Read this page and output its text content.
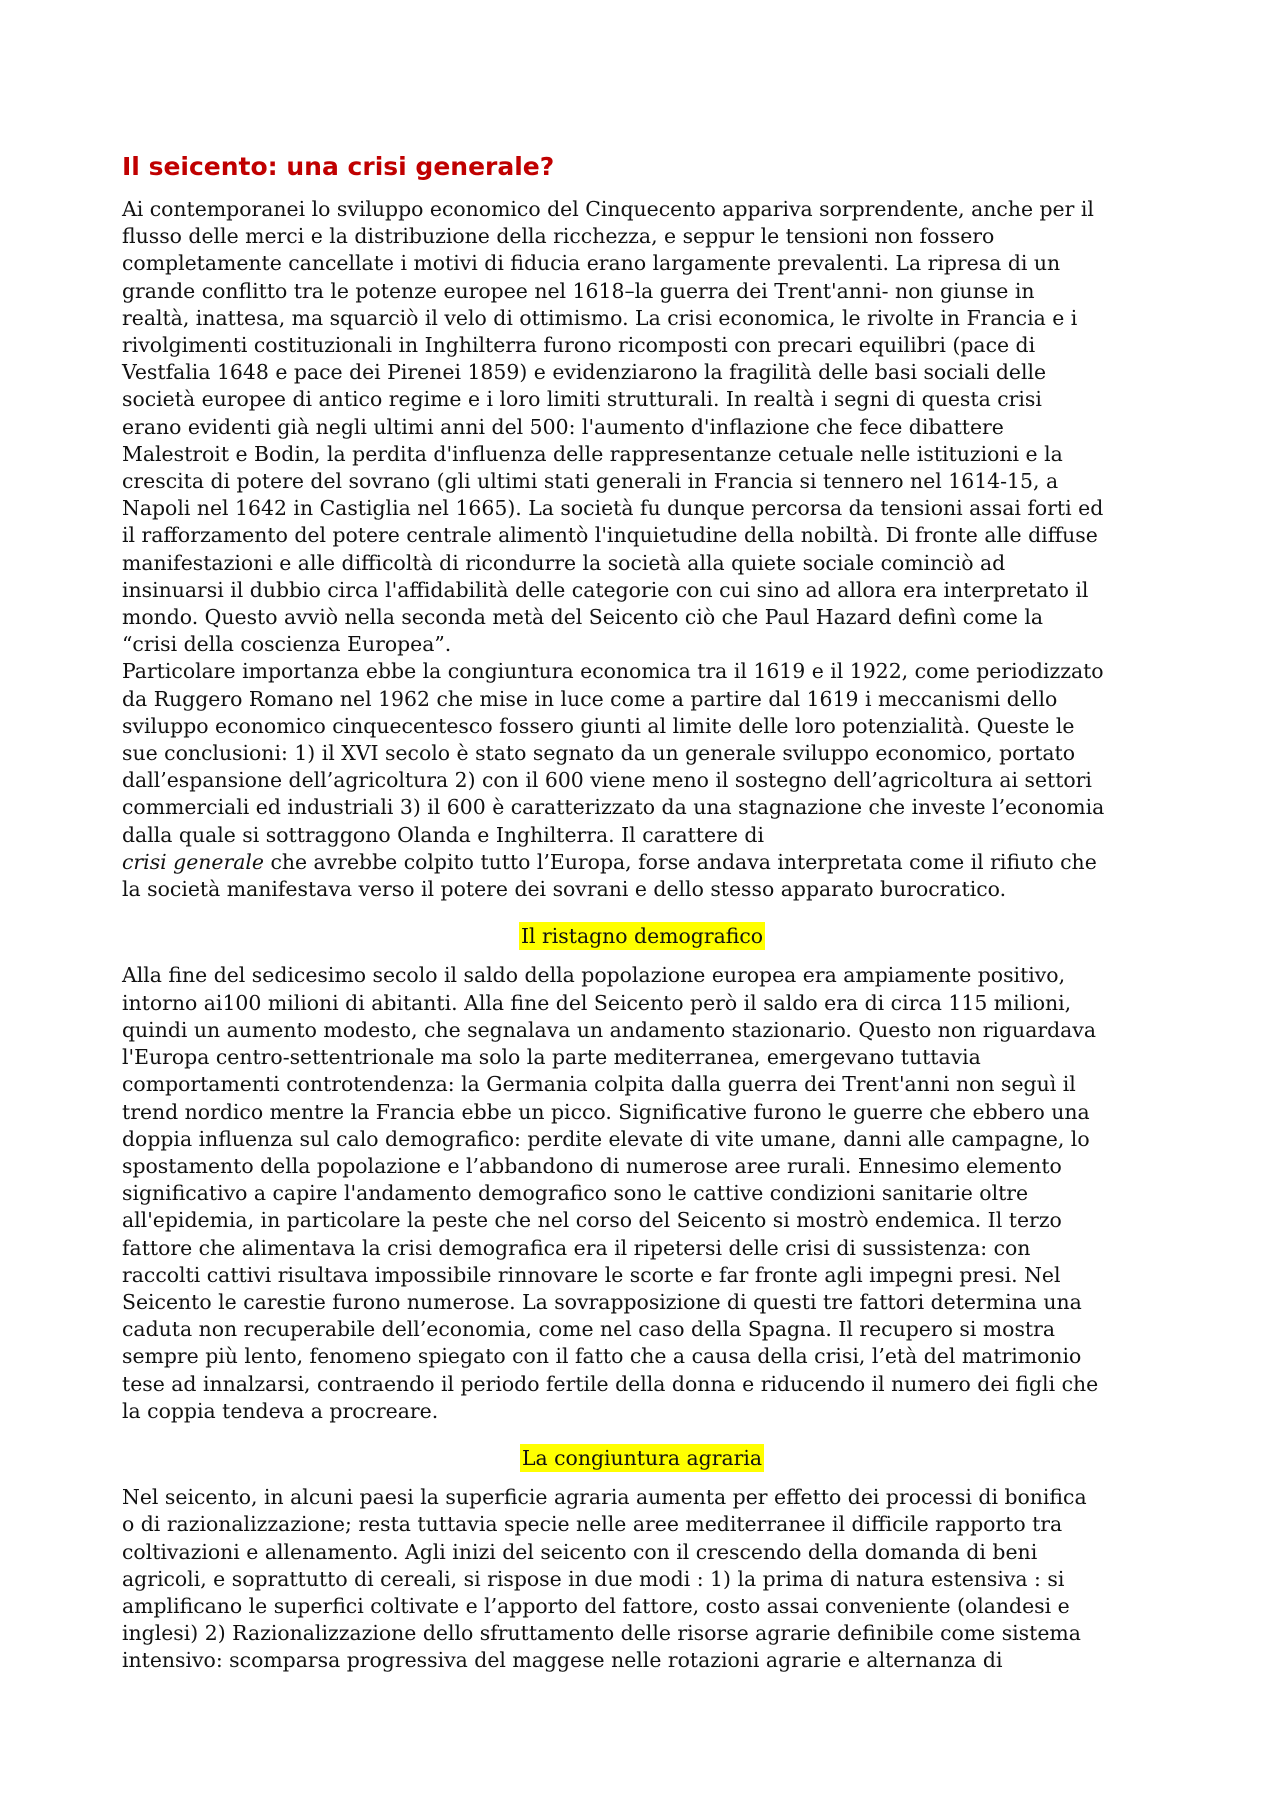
Il seicento: una crisi generale?

Ai contemporanei lo sviluppo economico del Cinquecento appariva sorprendente, anche per il
flusso delle merci e la distribuzione della ricchezza, e seppur le tensioni non fossero
completamente cancellate i motivi di fiducia erano largamente prevalenti. La ripresa di un
grande conflitto tra le potenze europee nel 1618–la guerra dei Trent'anni- non giunse in
realtà, inattesa, ma squarciò il velo di ottimismo. La crisi economica, le rivolte in Francia e i
rivolgimenti costituzionali in Inghilterra furono ricomposti con precari equilibri (pace di
Vestfalia 1648 e pace dei Pirenei 1859) e evidenziarono la fragilità delle basi sociali delle
società europee di antico regime e i loro limiti strutturali. In realtà i segni di questa crisi
erano evidenti già negli ultimi anni del 500: l'aumento d'inflazione che fece dibattere
Malestroit e Bodin, la perdita d'influenza delle rappresentanze cetuale nelle istituzioni e la
crescita di potere del sovrano (gli ultimi stati generali in Francia si tennero nel 1614-15, a
Napoli nel 1642 in Castiglia nel 1665). La società fu dunque percorsa da tensioni assai forti ed
il rafforzamento del potere centrale alimentò l'inquietudine della nobiltà. Di fronte alle diffuse
manifestazioni e alle difficoltà di ricondurre la società alla quiete sociale cominciò ad
insinuarsi il dubbio circa l'affidabilità delle categorie con cui sino ad allora era interpretato il
mondo. Questo avviò nella seconda metà del Seicento ciò che Paul Hazard definì come la
“crisi della coscienza Europea”.
Particolare importanza ebbe la congiuntura economica tra il 1619 e il 1922, come periodizzato
da Ruggero Romano nel 1962 che mise in luce come a partire dal 1619 i meccanismi dello
sviluppo economico cinquecentesco fossero giunti al limite delle loro potenzialità. Queste le
sue conclusioni: 1) il XVI secolo è stato segnato da un generale sviluppo economico, portato
dall’espansione dell’agricoltura 2) con il 600 viene meno il sostegno dell’agricoltura ai settori
commerciali ed industriali 3) il 600 è caratterizzato da una stagnazione che investe l’economia
dalla quale si sottraggono Olanda e Inghilterra. Il carattere di
crisi generale che avrebbe colpito tutto l’Europa, forse andava interpretata come il rifiuto che
la società manifestava verso il potere dei sovrani e dello stesso apparato burocratico.

Il ristagno demografico

Alla fine del sedicesimo secolo il saldo della popolazione europea era ampiamente positivo,
intorno ai100 milioni di abitanti. Alla fine del Seicento però il saldo era di circa 115 milioni,
quindi un aumento modesto, che segnalava un andamento stazionario. Questo non riguardava
l'Europa centro-settentrionale ma solo la parte mediterranea, emergevano tuttavia
comportamenti controtendenza: la Germania colpita dalla guerra dei Trent'anni non seguì il
trend nordico mentre la Francia ebbe un picco. Significative furono le guerre che ebbero una
doppia influenza sul calo demografico: perdite elevate di vite umane, danni alle campagne, lo
spostamento della popolazione e l’abbandono di numerose aree rurali. Ennesimo elemento
significativo a capire l'andamento demografico sono le cattive condizioni sanitarie oltre
all'epidemia, in particolare la peste che nel corso del Seicento si mostrò endemica. Il terzo
fattore che alimentava la crisi demografica era il ripetersi delle crisi di sussistenza: con
raccolti cattivi risultava impossibile rinnovare le scorte e far fronte agli impegni presi. Nel
Seicento le carestie furono numerose. La sovrapposizione di questi tre fattori determina una
caduta non recuperabile dell’economia, come nel caso della Spagna. Il recupero si mostra
sempre più lento, fenomeno spiegato con il fatto che a causa della crisi, l’età del matrimonio
tese ad innalzarsi, contraendo il periodo fertile della donna e riducendo il numero dei figli che
la coppia tendeva a procreare.

La congiuntura agraria

Nel seicento, in alcuni paesi la superficie agraria aumenta per effetto dei processi di bonifica
o di razionalizzazione; resta tuttavia specie nelle aree mediterranee il difficile rapporto tra
coltivazioni e allenamento. Agli inizi del seicento con il crescendo della domanda di beni
agricoli, e soprattutto di cereali, si rispose in due modi : 1) la prima di natura estensiva : si
amplificano le superfici coltivate e l’apporto del fattore, costo assai conveniente (olandesi e
inglesi) 2) Razionalizzazione dello sfruttamento delle risorse agrarie definibile come sistema
intensivo: scomparsa progressiva del maggese nelle rotazioni agrarie e alternanza di
